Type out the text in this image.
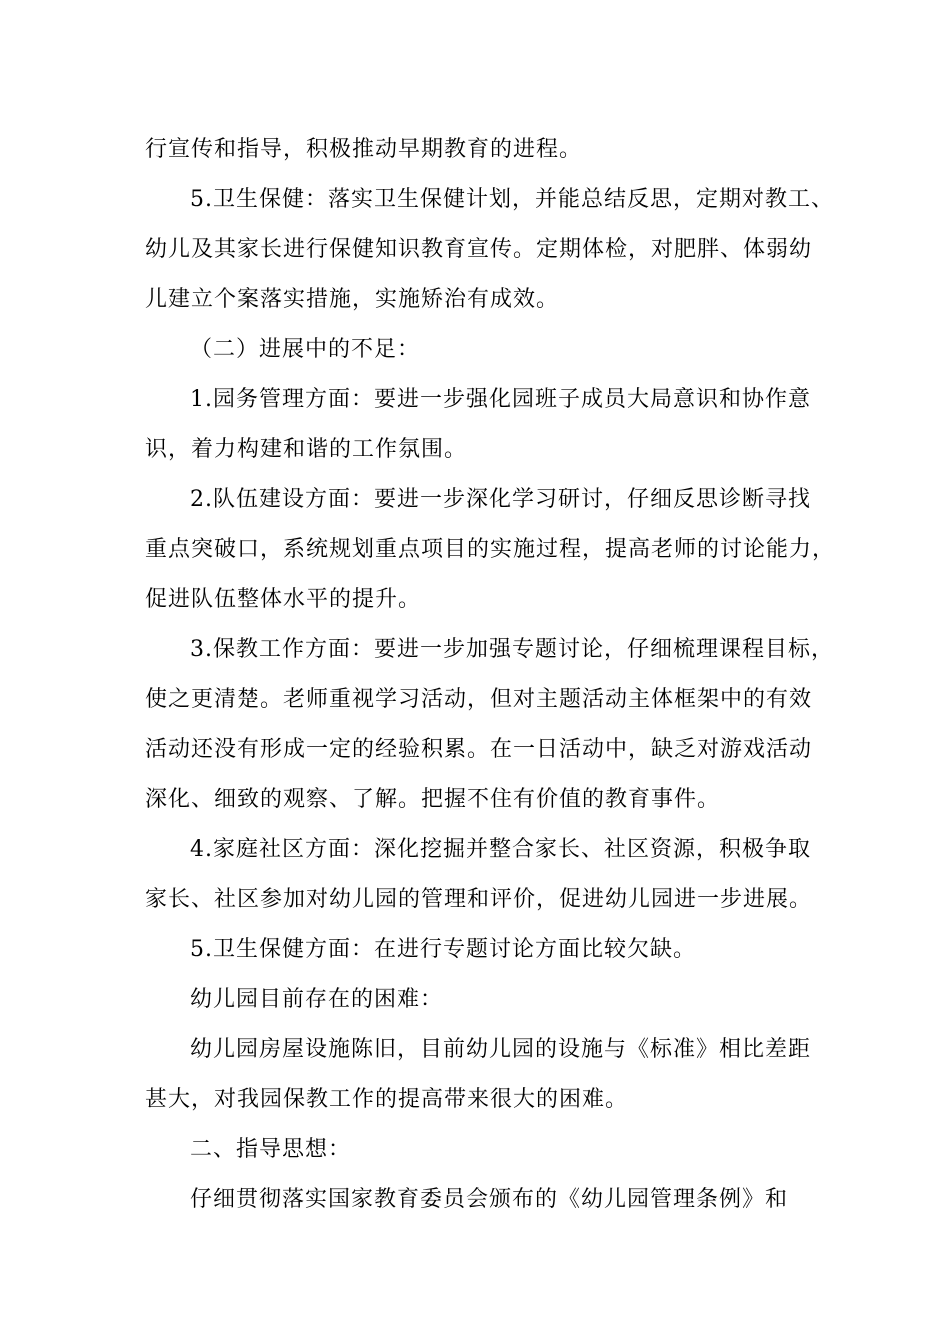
行宣传和指导，积极推动早期教育的进程。
5.卫生保健：落实卫生保健计划，并能总结反思，定期对教工、
幼儿及其家长进行保健知识教育宣传。定期体检，对肥胖、体弱幼
儿建立个案落实措施，实施矫治有成效。
（二）进展中的不足：
1.园务管理方面：要进一步强化园班子成员大局意识和协作意
识，着力构建和谐的工作氛围。
2.队伍建设方面：要进一步深化学习研讨，仔细反思诊断寻找
重点突破口，系统规划重点项目的实施过程，提高老师的讨论能力，
促进队伍整体水平的提升。
3.保教工作方面：要进一步加强专题讨论，仔细梳理课程目标，
使之更清楚。老师重视学习活动，但对主题活动主体框架中的有效
活动还没有形成一定的经验积累。在一日活动中，缺乏对游戏活动
深化、细致的观察、了解。把握不住有价值的教育事件。
4.家庭社区方面：深化挖掘并整合家长、社区资源，积极争取
家长、社区参加对幼儿园的管理和评价，促进幼儿园进一步进展。
5.卫生保健方面：在进行专题讨论方面比较欠缺。
幼儿园目前存在的困难：
幼儿园房屋设施陈旧，目前幼儿园的设施与《标准》相比差距
甚大，对我园保教工作的提高带来很大的困难。
二、指导思想：
仔细贯彻落实国家教育委员会颁布的《幼儿园管理条例》和
